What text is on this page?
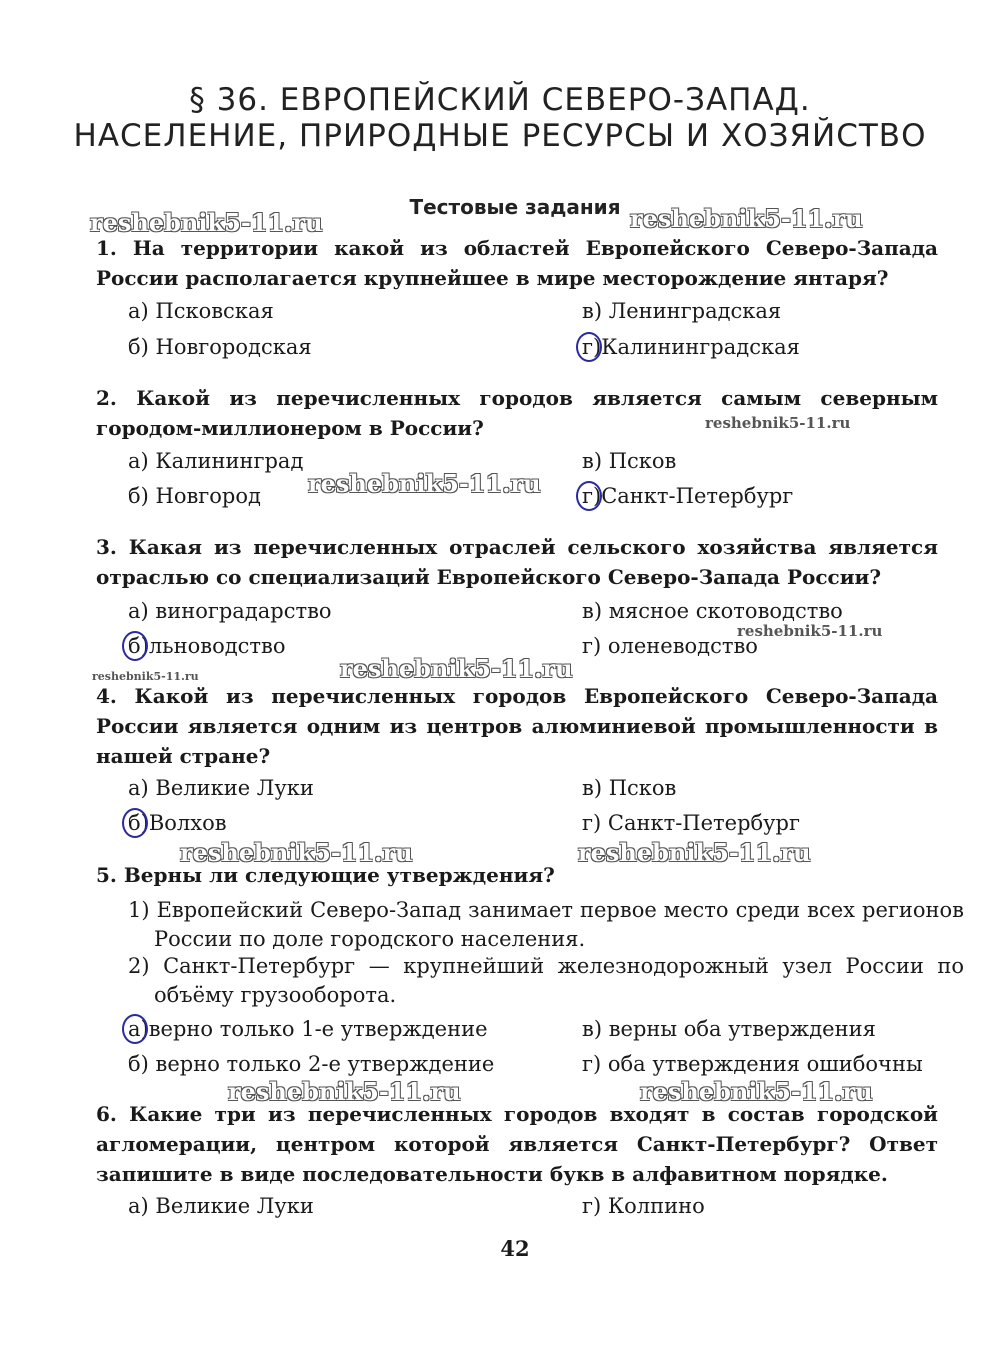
§ 36. ЕВРОПЕЙСКИЙ СЕВЕРО-ЗАПАД.
НАСЕЛЕНИЕ, ПРИРОДНЫЕ РЕСУРСЫ И ХОЗЯЙСТВО
Тестовые задания
reshebnik5-11.ru	reshebnik5-11.ru
reshebnik5-11.ru
reshebnik5-11.ru
reshebnik5-11.ru
reshebnik5-11.ru	reshebnik5-11.ru
reshebnik5-11.ru	reshebnik5-11.ru
reshebnik5-11.ru	reshebnik5-11.ru
1. На территории какой из областей Европейского Северо-Запада России располагается крупнейшее в мире месторождение янтаря?
а) Псковская
б) Новгородская
в) Ленинградская
г)Калининградская
2. Какой из перечисленных городов является самым северным городом-миллионером в России?
а) Калининград
б) Новгород
в) Псков
г)Санкт-Петербург
3. Какая из перечисленных отраслей сельского хозяйства является отраслью со специализаций Европейского Северо-Запада России?
а) виноградарство
б)льноводство
в) мясное скотоводство
г) оленеводство
4. Какой из перечисленных городов Европейского Северо-Запада России является одним из центров алюминиевой промышленности в нашей стране?
а) Великие Луки
б)Волхов
в) Псков
г) Санкт-Петербург
5. Верны ли следующие утверждения?
1) Европейский Северо-Запад занимает первое место среди всех регионов России по доле городского населения.
2) Санкт-Петербург — крупнейший железнодорожный узел России по объёму грузооборота.
а)верно только 1-е утверждение
б) верно только 2-е утверждение
в) верны оба утверждения
г) оба утверждения ошибочны
6. Какие три из перечисленных городов входят в состав городской агломерации, центром которой является Санкт-Петербург? Ответ запишите в виде последовательности букв в алфавитном порядке.
а) Великие Луки	г) Колпино
42
